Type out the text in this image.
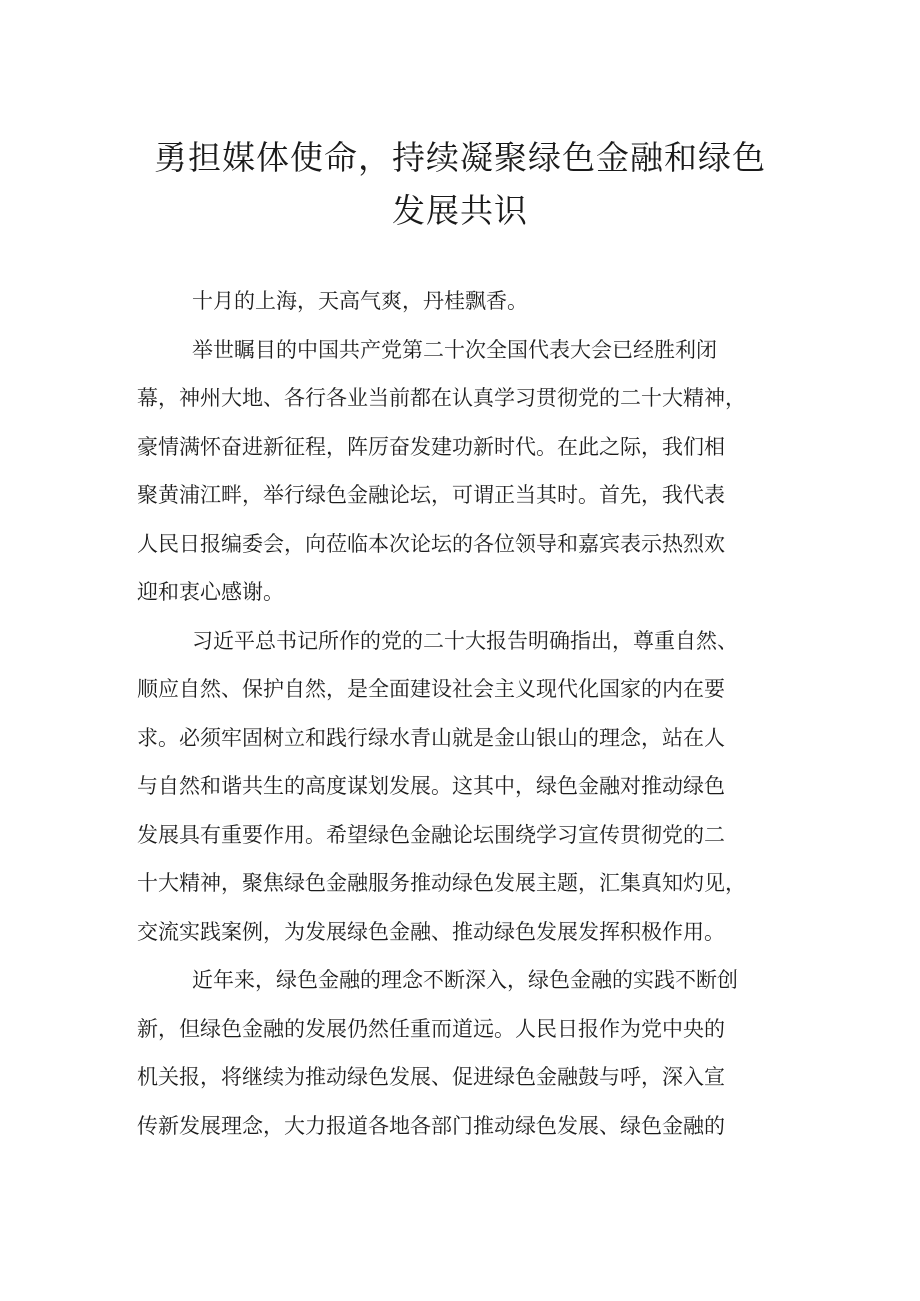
勇担媒体使命，持续凝聚绿色金融和绿色
发展共识
十月的上海，天高气爽，丹桂飘香。
举世瞩目的中国共产党第二十次全国代表大会已经胜利闭
幕，神州大地、各行各业当前都在认真学习贯彻党的二十大精神，
豪情满怀奋进新征程，阵厉奋发建功新时代。在此之际，我们相
聚黄浦江畔，举行绿色金融论坛，可谓正当其时。首先，我代表
人民日报编委会，向莅临本次论坛的各位领导和嘉宾表示热烈欢
迎和衷心感谢。
习近平总书记所作的党的二十大报告明确指出，尊重自然、
顺应自然、保护自然，是全面建设社会主义现代化国家的内在要
求。必须牢固树立和践行绿水青山就是金山银山的理念，站在人
与自然和谐共生的高度谋划发展。这其中，绿色金融对推动绿色
发展具有重要作用。希望绿色金融论坛围绕学习宣传贯彻党的二
十大精神，聚焦绿色金融服务推动绿色发展主题，汇集真知灼见，
交流实践案例，为发展绿色金融、推动绿色发展发挥积极作用。
近年来，绿色金融的理念不断深入，绿色金融的实践不断创
新，但绿色金融的发展仍然任重而道远。人民日报作为党中央的
机关报，将继续为推动绿色发展、促进绿色金融鼓与呼，深入宣
传新发展理念，大力报道各地各部门推动绿色发展、绿色金融的
